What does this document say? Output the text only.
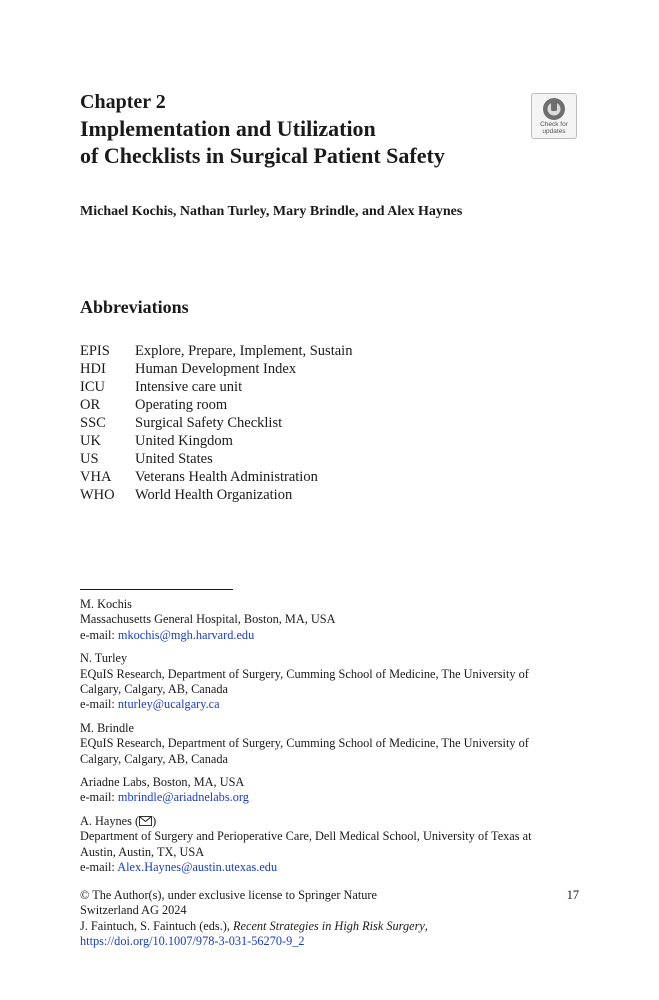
Chapter 2
Implementation and Utilization
of Checklists in Surgical Patient Safety
Check for
updates
Michael Kochis, Nathan Turley, Mary Brindle, and Alex Haynes
Abbreviations
EPIS	Explore, Prepare, Implement, Sustain
HDI	Human Development Index
ICU	Intensive care unit
OR	Operating room
SSC	Surgical Safety Checklist
UK	United Kingdom
US	United States
VHA	Veterans Health Administration
WHO	World Health Organization
M. Kochis
Massachusetts General Hospital, Boston, MA, USA
e-mail: mkochis@mgh.harvard.edu
N. Turley
EQuIS Research, Department of Surgery, Cumming School of Medicine, The University of
Calgary, Calgary, AB, Canada
e-mail: nturley@ucalgary.ca
M. Brindle
EQuIS Research, Department of Surgery, Cumming School of Medicine, The University of
Calgary, Calgary, AB, Canada
Ariadne Labs, Boston, MA, USA
e-mail: mbrindle@ariadnelabs.org
A. Haynes ( )
Department of Surgery and Perioperative Care, Dell Medical School, University of Texas at
Austin, Austin, TX, USA
e-mail: Alex.Haynes@austin.utexas.edu
© The Author(s), under exclusive license to Springer Nature
Switzerland AG 2024
J. Faintuch, S. Faintuch (eds.), Recent Strategies in High Risk Surgery,
https://doi.org/10.1007/978-3-031-56270-9_2
17
